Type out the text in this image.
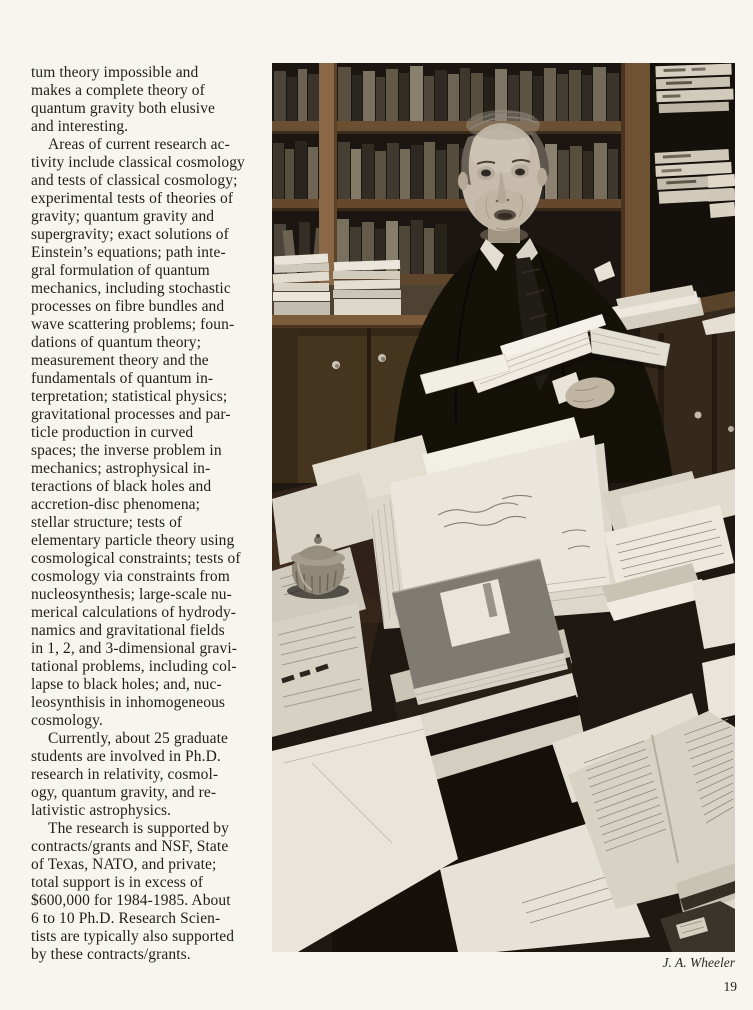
tum theory impossible and
makes a complete theory of
quantum gravity both elusive
and interesting.
Areas of current research ac-
tivity include classical cosmology
and tests of classical cosmology;
experimental tests of theories of
gravity; quantum gravity and
supergravity; exact solutions of
Einstein’s equations; path inte-
gral formulation of quantum
mechanics, including stochastic
processes on fibre bundles and
wave scattering problems; foun-
dations of quantum theory;
measurement theory and the
fundamentals of quantum in-
terpretation; statistical physics;
gravitational processes and par-
ticle production in curved
spaces; the inverse problem in
mechanics; astrophysical in-
teractions of black holes and
accretion-disc phenomena;
stellar structure; tests of
elementary particle theory using
cosmological constraints; tests of
cosmology via constraints from
nucleosynthesis; large-scale nu-
merical calculations of hydrody-
namics and gravitational fields
in 1, 2, and 3-dimensional gravi-
tational problems, including col-
lapse to black holes; and, nuc-
leosynthisis in inhomogeneous
cosmology.
Currently, about 25 graduate
students are involved in Ph.D.
research in relativity, cosmol-
ogy, quantum gravity, and re-
lativistic astrophysics.
The research is supported by
contracts/grants and NSF, State
of Texas, NATO, and private;
total support is in excess of
$600,000 for 1984-1985. About
6 to 10 Ph.D. Research Scien-
tists are typically also supported
by these contracts/grants.	J. A. Wheeler
19
